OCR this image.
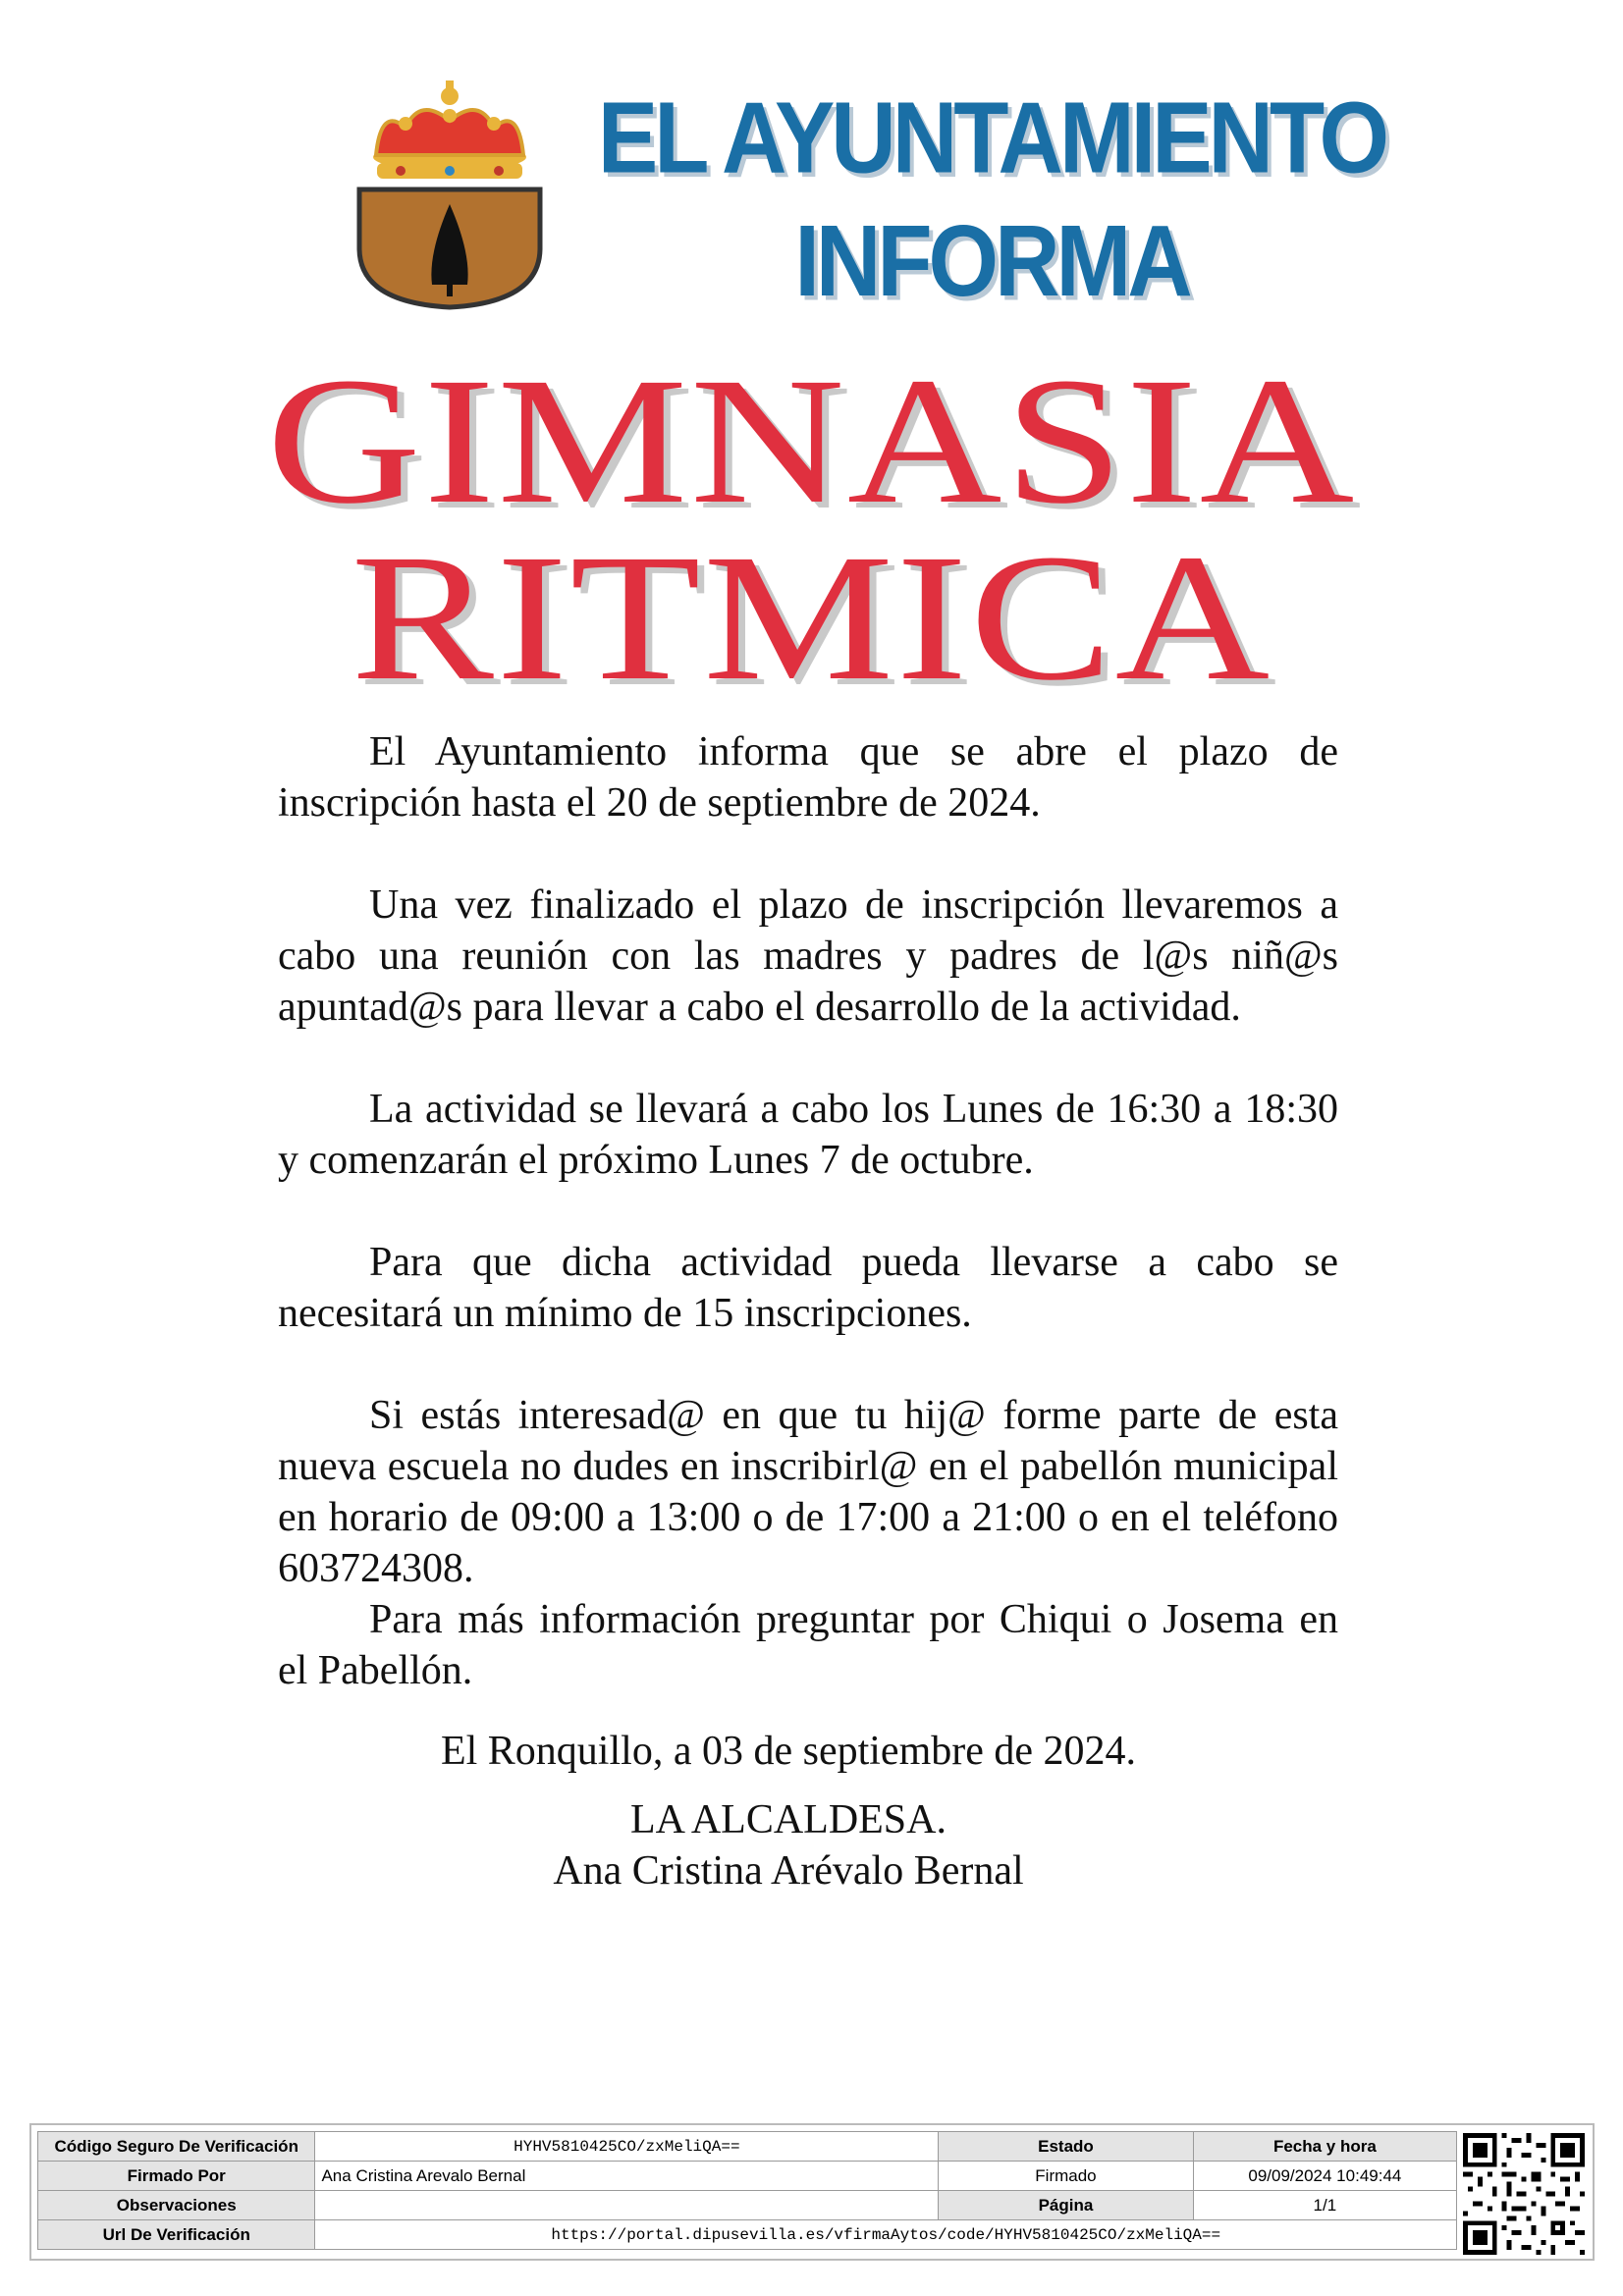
EL AYUNTAMIENTO
INFORMA
GIMNASIA
RITMICA

El Ayuntamiento informa que se abre el plazo de inscripción hasta el 20 de septiembre de 2024.

Una vez finalizado el plazo de inscripción llevaremos a cabo una reunión con las madres y padres de l@s niñ@s apuntad@s para llevar a cabo el desarrollo de la actividad.

La actividad se llevará a cabo los Lunes de 16:30 a 18:30 y comenzarán el próximo Lunes 7 de octubre.

Para que dicha actividad pueda llevarse a cabo se necesitará un mínimo de 15 inscripciones.

Si estás interesad@ en que tu hij@ forme parte de esta nueva escuela no dudes en inscribirl@ en el pabellón municipal en horario de 09:00 a 13:00 o de 17:00 a 21:00 o en el teléfono 603724308.

Para más información preguntar por Chiqui o Josema en el Pabellón.

El Ronquillo, a 03 de septiembre de 2024.

LA ALCALDESA.

Ana Cristina Arévalo Bernal

Código Seguro De Verificación	HYHV5810425CO/zxMeliQA==	Estado	Fecha y hora
Firmado Por	Ana Cristina Arevalo Bernal	Firmado	09/09/2024 10:49:44
Observaciones		Página	1/1
Url De Verificación	https://portal.dipusevilla.es/vfirmaAytos/code/HYHV5810425CO/zxMeliQA==		
